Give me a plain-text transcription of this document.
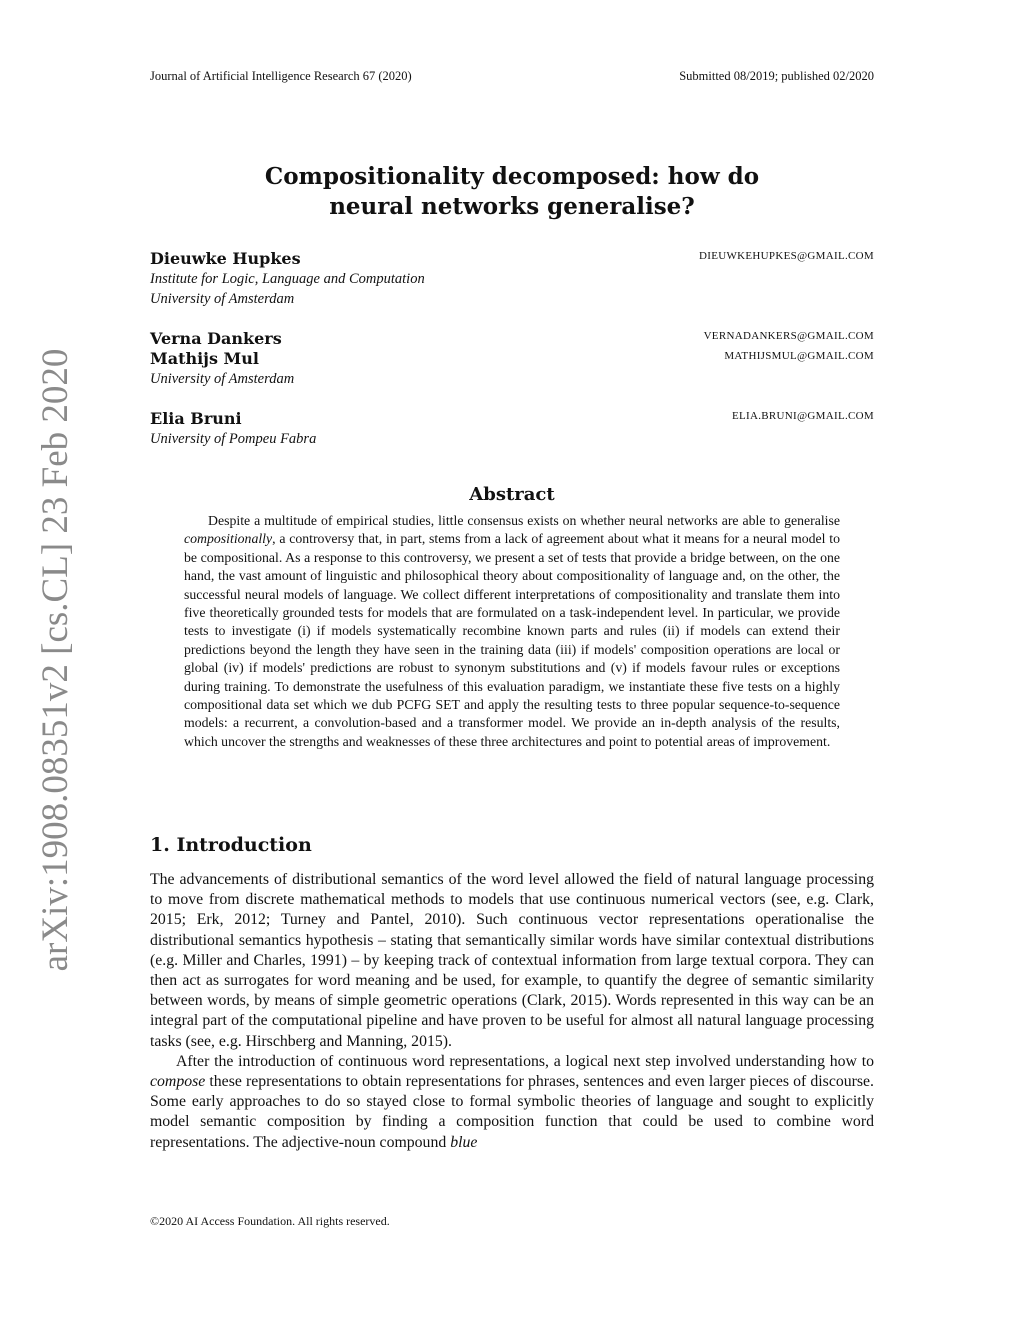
Journal of Artificial Intelligence Research 67 (2020)	Submitted 08/2019; published 02/2020
arXiv:1908.08351v2 [cs.CL] 23 Feb 2020
Compositionality decomposed: how do
neural networks generalise?
Dieuwke Hupkes	DIEUWKEHUPKES@GMAIL.COM
Institute for Logic, Language and Computation
University of Amsterdam
Verna Dankers	VERNADANKERS@GMAIL.COM
Mathijs Mul	MATHIJSMUL@GMAIL.COM
University of Amsterdam
Elia Bruni	ELIA.BRUNI@GMAIL.COM
University of Pompeu Fabra
Abstract
Despite a multitude of empirical studies, little consensus exists on whether neural networks are able to generalise compositionally, a controversy that, in part, stems from a lack of agreement about what it means for a neural model to be compositional. As a response to this controversy, we present a set of tests that provide a bridge between, on the one hand, the vast amount of linguistic and philosophical theory about compositionality of language and, on the other, the successful neural models of language. We collect different interpretations of compositionality and translate them into five theoretically grounded tests for models that are formulated on a task-independent level. In particular, we provide tests to investigate (i) if models systematically recombine known parts and rules (ii) if models can extend their predictions beyond the length they have seen in the training data (iii) if models' composition operations are local or global (iv) if models' predictions are robust to synonym substitutions and (v) if models favour rules or exceptions during training. To demonstrate the usefulness of this evaluation paradigm, we instantiate these five tests on a highly compositional data set which we dub PCFG SET and apply the resulting tests to three popular sequence-to-sequence models: a recurrent, a convolution-based and a transformer model. We provide an in-depth analysis of the results, which uncover the strengths and weaknesses of these three architectures and point to potential areas of improvement.
1. Introduction

The advancements of distributional semantics of the word level allowed the field of natural language processing to move from discrete mathematical methods to models that use continuous numerical vectors (see, e.g. Clark, 2015; Erk, 2012; Turney and Pantel, 2010). Such continuous vector representations operationalise the distributional semantics hypothesis – stating that semantically similar words have similar contextual distributions (e.g. Miller and Charles, 1991) – by keeping track of contextual information from large textual corpora. They can then act as surrogates for word meaning and be used, for example, to quantify the degree of semantic similarity between words, by means of simple geometric operations (Clark, 2015). Words represented in this way can be an integral part of the computational pipeline and have proven to be useful for almost all natural language processing tasks (see, e.g. Hirschberg and Manning, 2015).

After the introduction of continuous word representations, a logical next step involved understanding how to compose these representations to obtain representations for phrases, sentences and even larger pieces of discourse. Some early approaches to do so stayed close to formal symbolic theories of language and sought to explicitly model semantic composition by finding a composition function that could be used to combine word representations. The adjective-noun compound blue

©2020 AI Access Foundation. All rights reserved.
